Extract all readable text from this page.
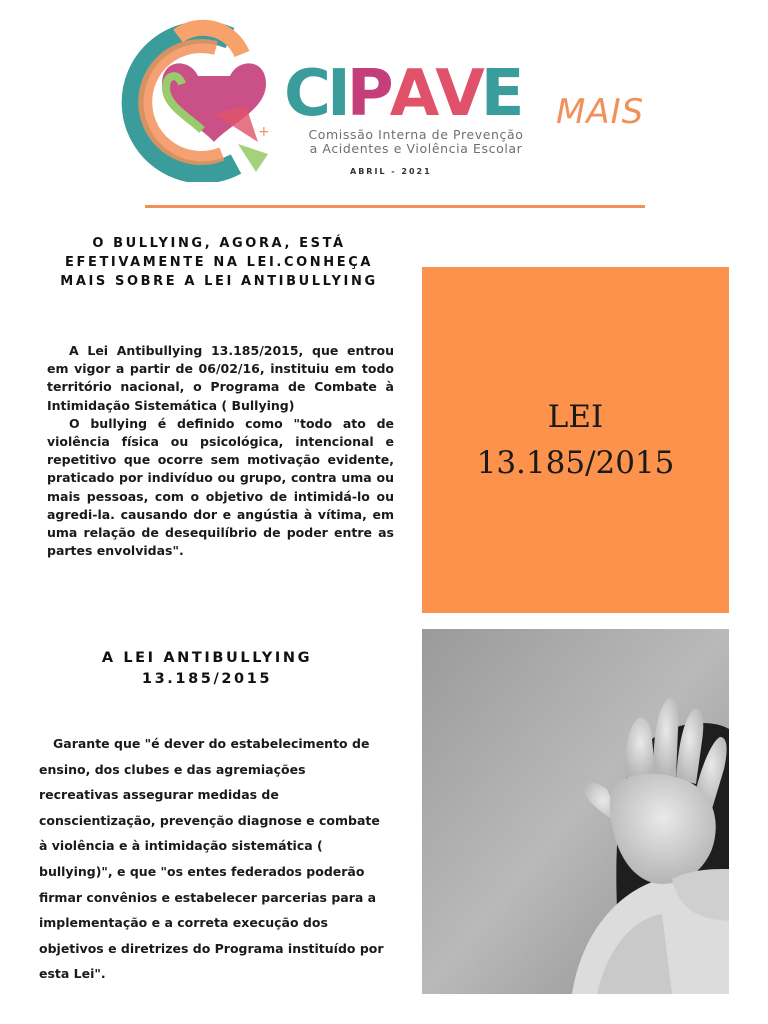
+
CIPAVE MAIS
Comissão Interna de Prevenção
a Acidentes e Violência Escolar
ABRIL - 2021
O BULLYING, AGORA, ESTÁ EFETIVAMENTE NA LEI.CONHEÇA MAIS SOBRE A LEI ANTIBULLYING

A Lei Antibullying 13.185/2015, que entrou em vigor a partir de 06/02/16, instituiu em todo território nacional, o Programa de Combate à Intimidação Sistemática ( Bullying)

O bullying é definido como "todo ato de violência física ou psicológica, intencional e repetitivo que ocorre sem motivação evidente, praticado por indivíduo ou grupo, contra uma ou mais pessoas, com o objetivo de intimidá-lo ou agredi-la. causando dor e angústia à vítima, em uma relação de desequilíbrio de poder entre as partes envolvidas".

LEI
13.185/2015
A LEI ANTIBULLYING 13.185/2015

Garante que "é dever do estabelecimento de ensino, dos clubes e das agremiações recreativas assegurar medidas de conscientização, prevenção diagnose e combate à violência e à intimidação sistemática ( bullying)", e que "os entes federados poderão firmar convênios e estabelecer parcerias para a implementação e a correta execução dos objetivos e diretrizes do Programa instituído por esta Lei".
